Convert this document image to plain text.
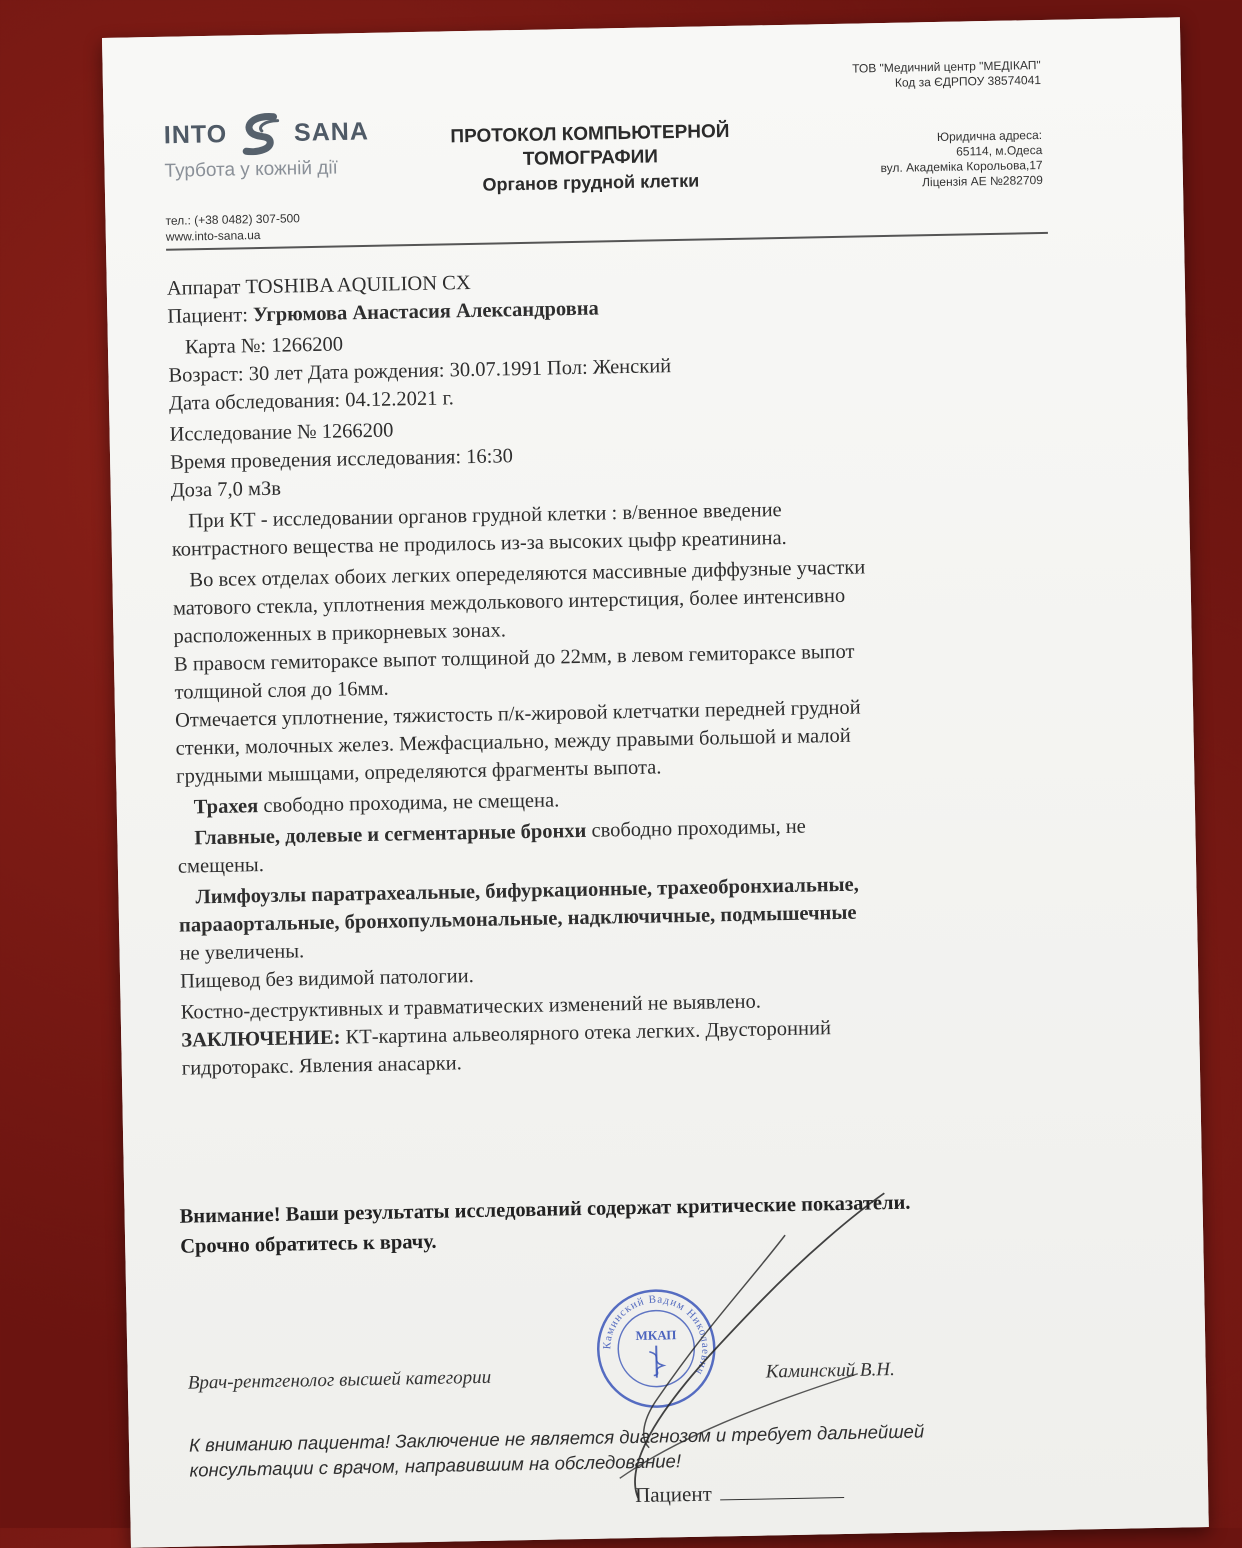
INTO	SANA
Турбота у кожній дії
тел.: (+38 0482) 307-500
www.into-sana.ua
ПРОТОКОЛ КОМПЬЮТЕРНОЙ
ТОМОГРАФИИ
Органов грудной клетки
ТОВ "Медичний центр "МЕДІКАП"
Код за ЄДРПОУ 38574041
Юридична адреса:
65114, м.Одеса
вул. Академіка Корольова,17
Ліцензія АЕ №282709
Аппарат TOSHIBA AQUILION CX
Пациент: Угрюмова Анастасия Александровна
Карта №: 1266200
Возраст: 30 лет Дата рождения: 30.07.1991 Пол: Женский
Дата обследования: 04.12.2021 г.
Исследование № 1266200
Время проведения исследования: 16:30
Доза 7,0 мЗв
При КТ - исследовании органов грудной клетки : в/венное введение
контрастного вещества не продилось из-за высоких цыфр креатинина.
Во всех отделах обоих легких опеределяются массивные диффузные участки
матового стекла, уплотнения междолькового интерстиция, более интенсивно
расположенных в прикорневых зонах.
В правосм гемитораксе выпот толщиной до 22мм, в левом гемитораксе выпот
толщиной слоя до 16мм.
Отмечается уплотнение, тяжистость п/к-жировой клетчатки передней грудной
стенки, молочных желез. Межфасциально, между правыми большой и малой
грудными мышцами, определяются фрагменты выпота.
Трахея свободно проходима, не смещена.
Главные, долевые и сегментарные бронхи свободно проходимы, не
смещены.
Лимфоузлы паратрахеальные, бифуркационные, трахеобронхиальные,
парааортальные, бронхопульмональные, надключичные, подмышечные
не увеличены.
Пищевод без видимой патологии.
Костно-деструктивных и травматических изменений не выявлено.
ЗАКЛЮЧЕНИЕ: КТ-картина альвеолярного отека легких. Двусторонний
гидроторакс. Явления анасарки.
Внимание! Ваши результаты исследований содержат критические показатели.
Срочно обратитесь к врачу.
Врач-рентгенолог высшей категории	Каминский В.Н.
Каминский Вадим Николаевич
МКАП
К вниманию пациента! Заключение не является диагнозом и требует дальнейшей
консультации с врачом, направившим на обследование!
Пациент
